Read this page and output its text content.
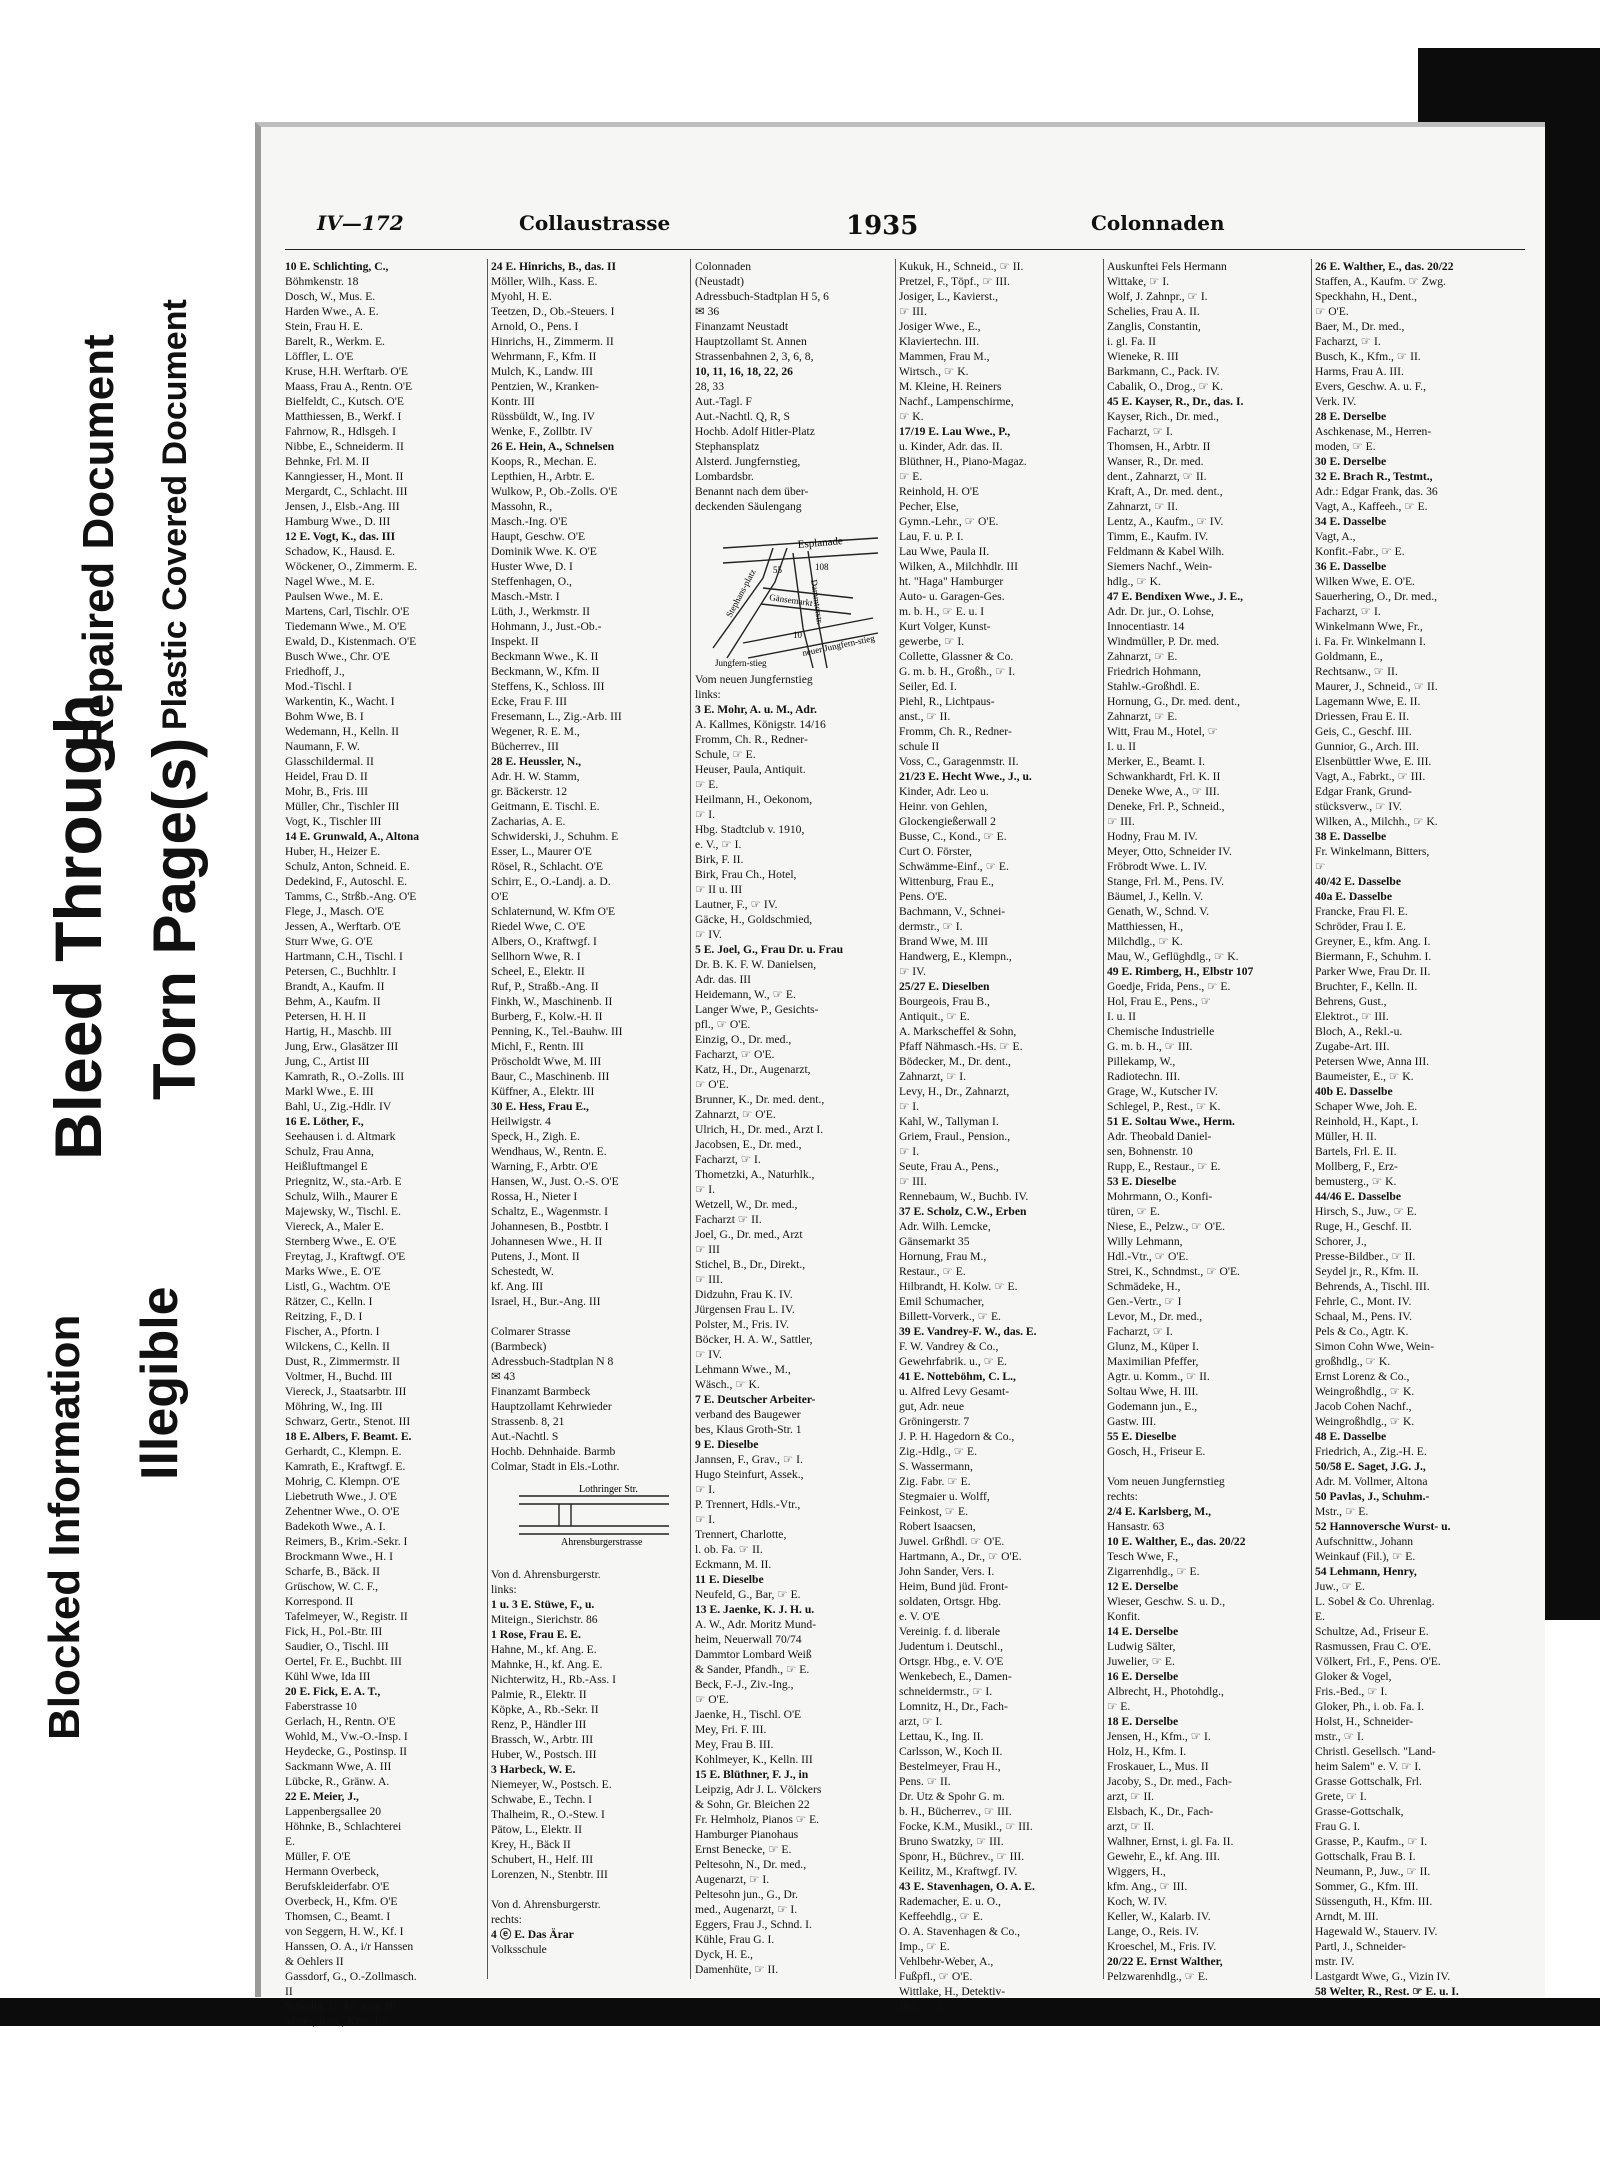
Blocked Information Illegible
Bleed Through Torn Page(s)
Repaired Document Plastic Covered Document
IV—172	Collaustrasse	1935	Colonnaden
10 E. Schlichting, C.,
Böhmkenstr. 18
Dosch, W., Mus. E.
Harden Wwe., A. E.
Stein, Frau H. E.
Barelt, R., Werkm. E.
Löffler, L. O'E
Kruse, H.H. Werftarb. O'E
Maass, Frau A., Rentn. O'E
Bielfeldt, C., Kutsch. O'E
Matthiessen, B., Werkf. I
Fahrnow, R., Hdlsgeh. I
Nibbe, E., Schneiderm. II
Behnke, Frl. M. II
Kanngiesser, H., Mont. II
Mergardt, C., Schlacht. III
Jensen, J., Elsb.-Ang. III
Hamburg Wwe., D. III
12 E. Vogt, K., das. III
Schadow, K., Hausd. E.
Wöckener, O., Zimmerm. E.
Nagel Wwe., M. E.
Paulsen Wwe., M. E.
Martens, Carl, Tischlr. O'E
Tiedemann Wwe., M. O'E
Ewald, D., Kistenmach. O'E
Busch Wwe., Chr. O'E
Friedhoff, J.,
Mod.-Tischl. I
Warkentin, K., Wacht. I
Bohm Wwe, B. I
Wedemann, H., Kelln. II
Naumann, F. W.
Glasschildermal. II
Heidel, Frau D. II
Mohr, B., Fris. III
Müller, Chr., Tischler III
Vogt, K., Tischler III
14 E. Grunwald, A., Altona
Huber, H., Heizer E.
Schulz, Anton, Schneid. E.
Dedekind, F., Autoschl. E.
Tamms, C., Strßb.-Ang. O'E
Flege, J., Masch. O'E
Jessen, A., Werftarb. O'E
Sturr Wwe, G. O'E
Hartmann, C.H., Tischl. I
Petersen, C., Buchhltr. I
Brandt, A., Kaufm. II
Behm, A., Kaufm. II
Petersen, H. H. II
Hartig, H., Maschb. III
Jung, Erw., Glasätzer III
Jung, C., Artist III
Kamrath, R., O.-Zolls. III
Markl Wwe., E. III
Bahl, U., Zig.-Hdlr. IV
16 E. Löther, F.,
Seehausen i. d. Altmark
Schulz, Frau Anna,
Heißluftmangel E
Priegnitz, W., sta.-Arb. E
Schulz, Wilh., Maurer E
Majewsky, W., Tischl. E.
Viereck, A., Maler E.
Sternberg Wwe., E. O'E
Freytag, J., Kraftwgf. O'E
Marks Wwe., E. O'E
Listl, G., Wachtm. O'E
Rätzer, C., Kelln. I
Reitzing, F., D. I
Fischer, A., Pfortn. I
Wilckens, C., Kelln. II
Dust, R., Zimmermstr. II
Voltmer, H., Buchd. III
Viereck, J., Staatsarbtr. III
Möhring, W., Ing. III
Schwarz, Gertr., Stenot. III
18 E. Albers, F. Beamt. E.
Gerhardt, C., Klempn. E.
Kamrath, E., Kraftwgf. E.
Mohrig, C. Klempn. O'E
Liebetruth Wwe., J. O'E
Zehentner Wwe., O. O'E
Badekoth Wwe., A. I.
Reimers, B., Krim.-Sekr. I
Brockmann Wwe., H. I
Scharfe, B., Bäck. II
Grüschow, W. C. F.,
Korrespond. II
Tafelmeyer, W., Registr. II
Fick, H., Pol.-Btr. III
Saudier, O., Tischl. III
Oertel, Fr. E., Buchbt. III
Kühl Wwe, Ida III
20 E. Fick, E. A. T.,
Faberstrasse 10
Gerlach, H., Rentn. O'E
Wohld, M., Vw.-O.-Insp. I
Heydecke, G., Postinsp. II
Sackmann Wwe, A. III
Lübcke, R., Gränw. A.
22 E. Meier, J.,
Lappenbergsallee 20
Höhnke, B., Schlachterei
E.
Müller, F. O'E
Hermann Overbeck,
Berufskleiderfabr. O'E
Overbeck, H., Kfm. O'E
Thomsen, C., Beamt. I
von Seggern, H. W., Kf. I
Hanssen, O. A., i/r Hanssen
& Oehlers II
Gassdorf, G., O.-Zollmasch.
II
Schellig, E., kf. Ang. III
Meier, Johs., Kfm. III
24 E. Hinrichs, B., das. II
Möller, Wilh., Kass. E.
Myohl, H. E.
Teetzen, D., Ob.-Steuers. I
Arnold, O., Pens. I
Hinrichs, H., Zimmerm. II
Wehrmann, F., Kfm. II
Mulch, K., Landw. III
Pentzien, W., Kranken-
Kontr. III
Rüssbüldt, W., Ing. IV
Wenke, F., Zollbtr. IV
26 E. Hein, A., Schnelsen
Koops, R., Mechan. E.
Lepthien, H., Arbtr. E.
Wulkow, P., Ob.-Zolls. O'E
Massohn, R.,
Masch.-Ing. O'E
Haupt, Geschw. O'E
Dominik Wwe. K. O'E
Huster Wwe, D. I
Steffenhagen, O.,
Masch.-Mstr. I
Lüth, J., Werkmstr. II
Hohmann, J., Just.-Ob.-
Inspekt. II
Beckmann Wwe., K. II
Beckmann, W., Kfm. II
Steffens, K., Schloss. III
Ecke, Frau F. III
Fresemann, L., Zig.-Arb. III
Wegener, R. E. M.,
Bücherrev., III
28 E. Heussler, N.,
Adr. H. W. Stamm,
gr. Bäckerstr. 12
Geitmann, E. Tischl. E.
Zacharias, A. E.
Schwiderski, J., Schuhm. E
Esser, L., Maurer O'E
Rösel, R., Schlacht. O'E
Schirr, E., O.-Landj. a. D.
O'E
Schlaternund, W. Kfm O'E
Riedel Wwe, C. O'E
Albers, O., Kraftwgf. I
Sellhorn Wwe, R. I
Scheel, E., Elektr. II
Ruf, P., Straßb.-Ang. II
Finkh, W., Maschinenb. II
Burberg, F., Kolw.-H. II
Penning, K., Tel.-Bauhw. III
Michl, F., Rentn. III
Pröscholdt Wwe, M. III
Baur, C., Maschinenb. III
Küffner, A., Elektr. III
30 E. Hess, Frau E.,
Heilwigstr. 4
Speck, H., Zigh. E.
Wendhaus, W., Rentn. E.
Warning, F., Arbtr. O'E
Hansen, W., Just. O.-S. O'E
Rossa, H., Nieter I
Schaltz, E., Wagenmstr. I
Johannesen, B., Postbtr. I
Johannesen Wwe., H. II
Putens, J., Mont. II
Schestedt, W.
kf. Ang. III
Israel, H., Bur.-Ang. III

Colmarer Strasse
(Barmbeck)
Adressbuch-Stadtplan N 8
✉ 43
Finanzamt Barmbeck
Hauptzollamt Kehrwieder
Strassenb. 8, 21
Aut.-Nachtl. S
Hochb. Dehnhaide. Barmb
Colmar, Stadt in Els.-Lothr.
Lothringer Str.
Ahrensburgerstrasse

Von d. Ahrensburgerstr.
links:
1 u. 3 E. Stüwe, F., u.
Miteign., Sierichstr. 86
1 Rose, Frau E. E.
Hahne, M., kf. Ang. E.
Mahnke, H., kf. Ang. E.
Nichterwitz, H., Rb.-Ass. I
Palmie, R., Elektr. II
Köpke, A., Rb.-Sekr. II
Renz, P., Händler III
Brassch, W., Arbtr. III
Huber, W., Postsch. III
3 Harbeck, W. E.
Niemeyer, W., Postsch. E.
Schwabe, E., Techn. I
Thalheim, R., O.-Stew. I
Pätow, L., Elektr. II
Krey, H., Bäck II
Schubert, H., Helf. III
Lorenzen, N., Stenbtr. III

Von d. Ahrensburgerstr.
rechts:
4 ⓔ E. Das Ärar
Volksschule
Colonnaden
(Neustadt)
Adressbuch-Stadtplan H 5, 6
✉ 36
Finanzamt Neustadt
Hauptzollamt St. Annen
Strassenbahnen 2, 3, 6, 8,
10, 11, 16, 18, 22, 26
28, 33
Aut.-Tagl. F
Aut.-Nachtl. Q, R, S
Hochb. Adolf Hitler-Platz
Stephansplatz
Alsterd. Jungfernstieg,
Lombardsbr.
Benannt nach dem über-
deckenden Säulengang
Esplanade
Stephans-platz	Dammtorstr.
Gänsemarkt
Jungfern-stieg
neuer Jungfern-stieg
55	108
10
Vom neuen Jungfernstieg
links:
3 E. Mohr, A. u. M., Adr.
A. Kallmes, Königstr. 14/16
Fromm, Ch. R., Redner-
Schule, ☞ E.
Heuser, Paula, Antiquit.
☞ E.
Heilmann, H., Oekonom,
☞ I.
Hbg. Stadtclub v. 1910,
e. V., ☞ I.
Birk, F. II.
Birk, Frau Ch., Hotel,
☞ II u. III
Lautner, F., ☞ IV.
Gäcke, H., Goldschmied,
☞ IV.
5 E. Joel, G., Frau Dr. u. Frau
Dr. B. K. F. W. Danielsen,
Adr. das. III
Heidemann, W., ☞ E.
Langer Wwe, P., Gesichts-
pfl., ☞ O'E.
Einzig, O., Dr. med.,
Facharzt, ☞ O'E.
Katz, H., Dr., Augenarzt,
☞ O'E.
Brunner, K., Dr. med. dent.,
Zahnarzt, ☞ O'E.
Ulrich, H., Dr. med., Arzt I.
Jacobsen, E., Dr. med.,
Facharzt, ☞ I.
Thometzki, A., Naturhlk.,
☞ I.
Wetzell, W., Dr. med.,
Facharzt ☞ II.
Joel, G., Dr. med., Arzt
☞ III
Stichel, B., Dr., Direkt.,
☞ III.
Didzuhn, Frau K. IV.
Jürgensen Frau L. IV.
Polster, M., Fris. IV.
Böcker, H. A. W., Sattler,
☞ IV.
Lehmann Wwe., M.,
Wäsch., ☞ K.
7 E. Deutscher Arbeiter-
verband des Baugewer
bes, Klaus Groth-Str. 1
9 E. Dieselbe
Jannsen, F., Grav., ☞ I.
Hugo Steinfurt, Assek.,
☞ I.
P. Trennert, Hdls.-Vtr.,
☞ I.
Trennert, Charlotte,
l. ob. Fa. ☞ II.
Eckmann, M. II.
11 E. Dieselbe
Neufeld, G., Bar, ☞ E.
13 E. Jaenke, K. J. H. u.
A. W., Adr. Moritz Mund-
heim, Neuerwall 70/74
Dammtor Lombard Weiß
& Sander, Pfandh., ☞ E.
Beck, F.-J., Ziv.-Ing.,
☞ O'E.
Jaenke, H., Tischl. O'E
Mey, Fri. F. III.
Mey, Frau B. III.
Kohlmeyer, K., Kelln. III
15 E. Blüthner, F. J., in
Leipzig, Adr J. L. Völckers
& Sohn, Gr. Bleichen 22
Fr. Helmholz, Pianos ☞ E.
Hamburger Pianohaus
Ernst Benecke, ☞ E.
Peltesohn, N., Dr. med.,
Augenarzt, ☞ I.
Peltesohn jun., G., Dr.
med., Augenarzt, ☞ I.
Eggers, Frau J., Schnd. I.
Kühle, Frau G. I.
Dyck, H. E.,
Damenhüte, ☞ II.
Kukuk, H., Schneid., ☞ II.
Pretzel, F., Töpf., ☞ III.
Josiger, L., Kavierst.,
☞ III.
Josiger Wwe., E.,
Klaviertechn. III.
Mammen, Frau M.,
Wirtsch., ☞ K.
M. Kleine, H. Reiners
Nachf., Lampenschirme,
☞ K.
17/19 E. Lau Wwe., P.,
u. Kinder, Adr. das. II.
Blüthner, H., Piano-Magaz.
☞ E.
Reinhold, H. O'E
Pecher, Else,
Gymn.-Lehr., ☞ O'E.
Lau, F. u. P. I.
Lau Wwe, Paula II.
Wilken, A., Milchhdlr. III
ht. "Haga" Hamburger
Auto- u. Garagen-Ges.
m. b. H., ☞ E. u. I
Kurt Volger, Kunst-
gewerbe, ☞ I.
Collette, Glassner & Co.
G. m. b. H., Großh., ☞ I.
Seiler, Ed. I.
Piehl, R., Lichtpaus-
anst., ☞ II.
Fromm, Ch. R., Redner-
schule II
Voss, C., Garagenmstr. II.
21/23 E. Hecht Wwe., J., u.
Kinder, Adr. Leo u.
Heinr. von Gehlen,
Glockengießerwall 2
Busse, C., Kond., ☞ E.
Curt O. Förster,
Schwämme-Einf., ☞ E.
Wittenburg, Frau E.,
Pens. O'E.
Bachmann, V., Schnei-
dermstr., ☞ I.
Brand Wwe, M. III
Handwerg, E., Klempn.,
☞ IV.
25/27 E. Dieselben
Bourgeois, Frau B.,
Antiquit., ☞ E.
A. Markscheffel & Sohn,
Pfaff Nähmasch.-Hs. ☞ E.
Bödecker, M., Dr. dent.,
Zahnarzt, ☞ I.
Levy, H., Dr., Zahnarzt,
☞ I.
Kahl, W., Tallyman I.
Griem, Fraul., Pension.,
☞ I.
Seute, Frau A., Pens.,
☞ III.
Rennebaum, W., Buchb. IV.
37 E. Scholz, C.W., Erben
Adr. Wilh. Lemcke,
Gänsemarkt 35
Hornung, Frau M.,
Restaur., ☞ E.
Hilbrandt, H. Kolw. ☞ E.
Emil Schumacher,
Billett-Vorverk., ☞ E.
39 E. Vandrey-F. W., das. E.
F. W. Vandrey & Co.,
Gewehrfabrik. u., ☞ E.
41 E. Notteböhm, C. L.,
u. Alfred Levy Gesamt-
gut, Adr. neue
Gröningerstr. 7
J. P. H. Hagedorn & Co.,
Zig.-Hdlg., ☞ E.
S. Wassermann,
Zig. Fabr. ☞ E.
Stegmaier u. Wolff,
Feinkost, ☞ E.
Robert Isaacsen,
Juwel. Grßhdl. ☞ O'E.
Hartmann, A., Dr., ☞ O'E.
John Sander, Vers. I.
Heim, Bund jüd. Front-
soldaten, Ortsgr. Hbg.
e. V. O'E
Vereinig. f. d. liberale
Judentum i. Deutschl.,
Ortsgr. Hbg., e. V. O'E
Wenkebech, E., Damen-
schneidermstr., ☞ I.
Lomnitz, H., Dr., Fach-
arzt, ☞ I.
Lettau, K., Ing. II.
Carlsson, W., Koch II.
Bestelmeyer, Frau H.,
Pens. ☞ II.
Dr. Utz & Spohr G. m.
b. H., Bücherrev., ☞ III.
Focke, K.M., Musikl., ☞ III.
Bruno Swatzky, ☞ III.
Sponr, H., Büchrev., ☞ III.
Keilitz, M., Kraftwgf. IV.
43 E. Stavenhagen, O. A. E.
Rademacher, E. u. O.,
Keffeehdlg., ☞ E.
O. A. Stavenhagen & Co.,
Imp., ☞ E.
Vehlbehr-Weber, A.,
Fußpfl., ☞ O'E.
Wittlake, H., Detektiv-
Bur., ☞ I.
Auskunftei Fels Hermann
Wittake, ☞ I.
Wolf, J. Zahnpr., ☞ I.
Schelies, Frau A. II.
Zanglis, Constantin,
i. gl. Fa. II
Wieneke, R. III
Barkmann, C., Pack. IV.
Cabalik, O., Drog., ☞ K.
45 E. Kayser, R., Dr., das. I.
Kayser, Rich., Dr. med.,
Facharzt, ☞ I.
Thomsen, H., Arbtr. II
Wanser, R., Dr. med.
dent., Zahnarzt, ☞ II.
Kraft, A., Dr. med. dent.,
Zahnarzt, ☞ II.
Lentz, A., Kaufm., ☞ IV.
Timm, E., Kaufm. IV.
Feldmann & Kabel Wilh.
Siemers Nachf., Wein-
hdlg., ☞ K.
47 E. Bendixen Wwe., J. E.,
Adr. Dr. jur., O. Lohse,
Innocentiastr. 14
Windmüller, P. Dr. med.
Zahnarzt, ☞ E.
Friedrich Hohmann,
Stahlw.-Großhdl. E.
Hornung, G., Dr. med. dent.,
Zahnarzt, ☞ E.
Witt, Frau M., Hotel, ☞
I. u. II
Merker, E., Beamt. I.
Schwankhardt, Frl. K. II
Deneke Wwe, A., ☞ III.
Deneke, Frl. P., Schneid.,
☞ III.
Hodny, Frau M. IV.
Meyer, Otto, Schneider IV.
Fröbrodt Wwe. L. IV.
Stange, Frl. M., Pens. IV.
Bäumel, J., Kelln. V.
Genath, W., Schnd. V.
Matthiessen, H.,
Milchdlg., ☞ K.
Mau, W., Geflüghdlg., ☞ K.
49 E. Rimberg, H., Elbstr 107
Goedje, Frida, Pens., ☞ E.
Hol, Frau E., Pens., ☞
I. u. II
Chemische Industrielle
G. m. b. H., ☞ III.
Pillekamp, W.,
Radiotechn. III.
Grage, W., Kutscher IV.
Schlegel, P., Rest., ☞ K.
51 E. Soltau Wwe., Herm.
Adr. Theobald Daniel-
sen, Bohnenstr. 10
Rupp, E., Restaur., ☞ E.
53 E. Dieselbe
Mohrmann, O., Konfi-
türen, ☞ E.
Niese, E., Pelzw., ☞ O'E.
Willy Lehmann,
Hdl.-Vtr., ☞ O'E.
Strei, K., Schndmst., ☞ O'E.
Schmädeke, H.,
Gen.-Vertr., ☞ I
Levor, M., Dr. med.,
Facharzt, ☞ I.
Glunz, M., Küper I.
Maximilian Pfeffer,
Agtr. u. Komm., ☞ II.
Soltau Wwe, H. III.
Godemann jun., E.,
Gastw. III.
55 E. Dieselbe
Gosch, H., Friseur E.

Vom neuen Jungfernstieg
rechts:
2/4 E. Karlsberg, M.,
Hansastr. 63
10 E. Walther, E., das. 20/22
Tesch Wwe, F.,
Zigarrenhdlg., ☞ E.
12 E. Derselbe
Wieser, Geschw. S. u. D.,
Konfit.
14 E. Derselbe
Ludwig Sälter,
Juwelier, ☞ E.
16 E. Derselbe
Albrecht, H., Photohdlg.,
☞ E.
18 E. Derselbe
Jensen, H., Kfm., ☞ I.
Holz, H., Kfm. I.
Froskauer, L., Mus. II
Jacoby, S., Dr. med., Fach-
arzt, ☞ II.
Elsbach, K., Dr., Fach-
arzt, ☞ II.
Walhner, Ernst, i. gl. Fa. II.
Gewehr, E., kf. Ang. III.
Wiggers, H.,
kfm. Ang., ☞ III.
Koch, W. IV.
Keller, W., Kalarb. IV.
Lange, O., Reis. IV.
Kroeschel, M., Fris. IV.
20/22 E. Ernst Walther,
Pelzwarenhdlg., ☞ E.
26 E. Walther, E., das. 20/22
Staffen, A., Kaufm. ☞ Zwg.
Speckhahn, H., Dent.,
☞ O'E.
Baer, M., Dr. med.,
Facharzt, ☞ I.
Busch, K., Kfm., ☞ II.
Harms, Frau A. III.
Evers, Geschw. A. u. F.,
Verk. IV.
28 E. Derselbe
Aschkenase, M., Herren-
moden, ☞ E.
30 E. Derselbe
32 E. Brach R., Testmt.,
Adr.: Edgar Frank, das. 36
Vagt, A., Kaffeeh., ☞ E.
34 E. Dasselbe
Vagt, A.,
Konfit.-Fabr., ☞ E.
36 E. Dasselbe
Wilken Wwe, E. O'E.
Sauerhering, O., Dr. med.,
Facharzt, ☞ I.
Winkelmann Wwe, Fr.,
i. Fa. Fr. Winkelmann I.
Goldmann, E.,
Rechtsanw., ☞ II.
Maurer, J., Schneid., ☞ II.
Lagemann Wwe, E. II.
Driessen, Frau E. II.
Geis, C., Geschf. III.
Gunnior, G., Arch. III.
Elsenbüttler Wwe, E. III.
Vagt, A., Fabrkt., ☞ III.
Edgar Frank, Grund-
stücksverw., ☞ IV.
Wilken, A., Milchh., ☞ K.
38 E. Dasselbe
Fr. Winkelmann, Bitters,
☞
40/42 E. Dasselbe
40a E. Dasselbe
Francke, Frau Fl. E.
Schröder, Frau I. E.
Greyner, E., kfm. Ang. I.
Biermann, F., Schuhm. I.
Parker Wwe, Frau Dr. II.
Bruchter, F., Kelln. II.
Behrens, Gust.,
Elektrot., ☞ III.
Bloch, A., Rekl.-u.
Zugabe-Art. III.
Petersen Wwe, Anna III.
Baumeister, E., ☞ K.
40b E. Dasselbe
Schaper Wwe, Joh. E.
Reinhold, H., Kapt., I.
Müller, H. II.
Bartels, Frl. E. II.
Mollberg, F., Erz-
bemusterg., ☞ K.
44/46 E. Dasselbe
Hirsch, S., Juw., ☞ E.
Ruge, H., Geschf. II.
Schorer, J.,
Presse-Bildber., ☞ II.
Seydel jr., R., Kfm. II.
Behrends, A., Tischl. III.
Fehrle, C., Mont. IV.
Schaal, M., Pens. IV.
Pels & Co., Agtr. K.
Simon Cohn Wwe, Wein-
großhdlg., ☞ K.
Ernst Lorenz & Co.,
Weingroßhdlg., ☞ K.
Jacob Cohen Nachf.,
Weingroßhdlg., ☞ K.
48 E. Dasselbe
Friedrich, A., Zig.-H. E.
50/58 E. Saget, J.G. J.,
Adr. M. Vollmer, Altona
50 Pavlas, J., Schuhm.-
Mstr., ☞ E.
52 Hannoversche Wurst- u.
Aufschnittw., Johann
Weinkauf (Fil.), ☞ E.
54 Lehmann, Henry,
Juw., ☞ E.
L. Sobel & Co. Uhrenlag.
E.
Schultze, Ad., Friseur E.
Rasmussen, Frau C. O'E.
Völkert, Frl., F., Pens. O'E.
Gloker & Vogel,
Fris.-Bed., ☞ I.
Gloker, Ph., i. ob. Fa. I.
Holst, H., Schneider-
mstr., ☞ I.
Christl. Gesellsch. "Land-
heim Salem" e. V. ☞ I.
Grasse Gottschalk, Frl.
Grete, ☞ I.
Grasse-Gottschalk,
Frau G. I.
Grasse, P., Kaufm., ☞ I.
Gottschalk, Frau B. I.
Neumann, P., Juw., ☞ II.
Sommer, G., Kfm. III.
Süssenguth, H., Kfm. III.
Arndt, M. III.
Hagewald W., Stauerv. IV.
Partl, J., Schneider-
mstr. IV.
Lastgardt Wwe, G., Vizin IV.
58 Welter, R., Rest. ☞ E. u. I.
